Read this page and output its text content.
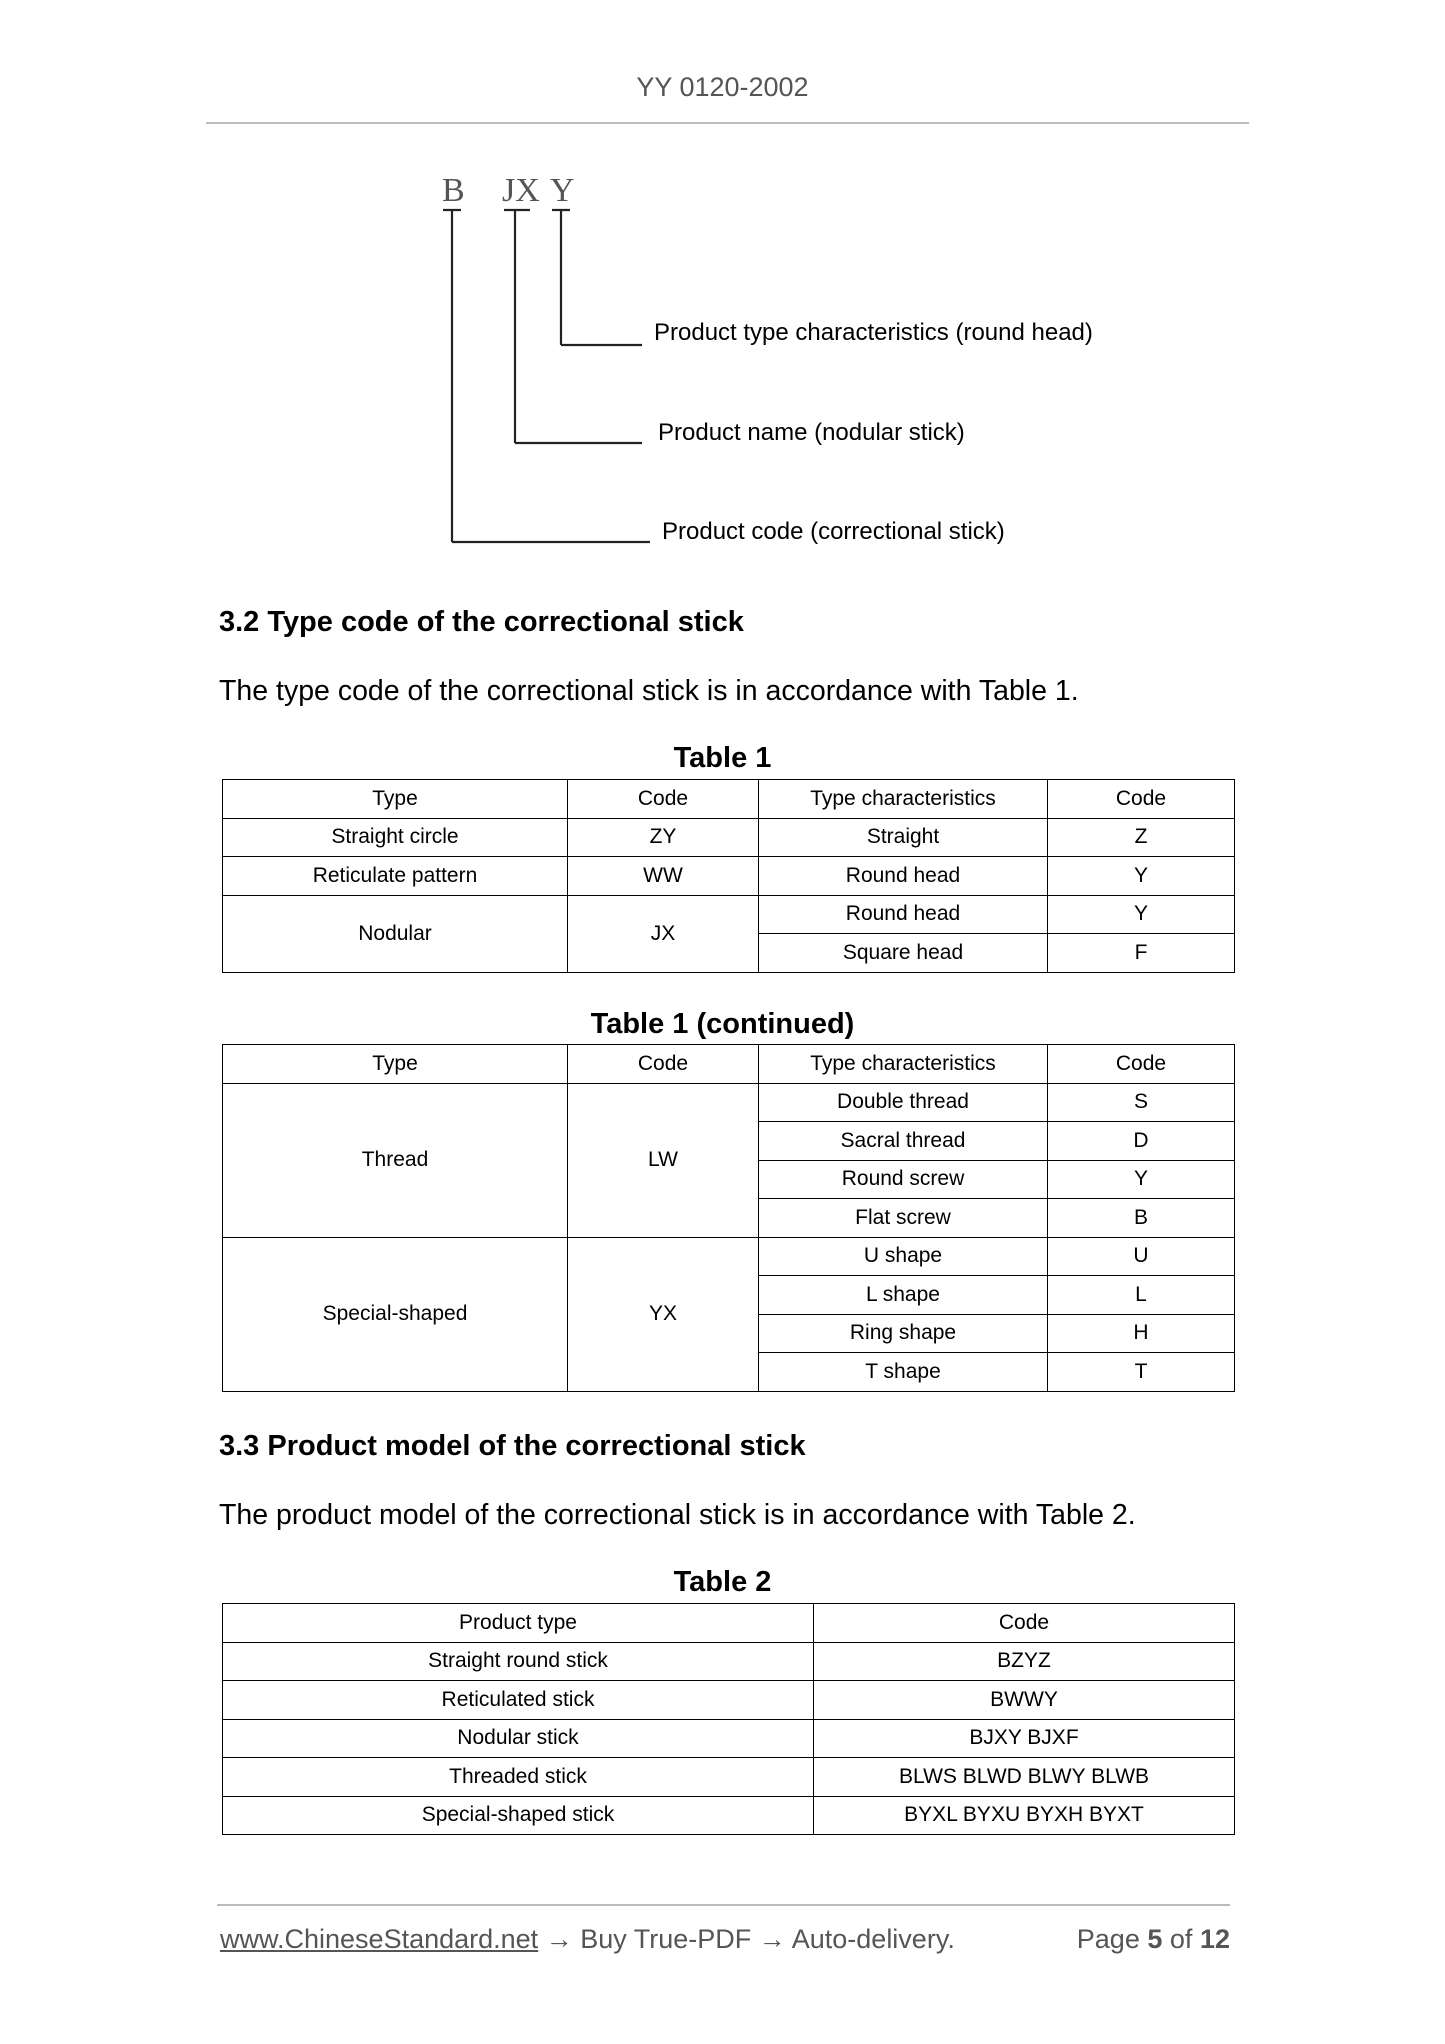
YY 0120-2002
B JX Y
Product type characteristics (round head)
Product name (nodular stick)
Product code (correctional stick)
3.2 Type code of the correctional stick
The type code of the correctional stick is in accordance with Table 1.
Table 1
Type	Code	Type characteristics	Code
Straight circle	ZY	Straight	Z
Reticulate pattern	WW	Round head	Y
Nodular	JX	Round head	Y
		Square head	F
Table 1 (continued)
Type	Code	Type characteristics	Code
Thread	LW	Double thread	S
		Sacral thread	D
		Round screw	Y
		Flat screw	B
Special-shaped	YX	U shape	U
		L shape	L
		Ring shape	H
		T shape	T
3.3 Product model of the correctional stick
The product model of the correctional stick is in accordance with Table 2.
Table 2
Product type	Code
Straight round stick	BZYZ
Reticulated stick	BWWY
Nodular stick	BJXY BJXF
Threaded stick	BLWS BLWD BLWY BLWB
Special-shaped stick	BYXL BYXU BYXH BYXT
www.ChineseStandard.net → Buy True-PDF → Auto-delivery.	Page 5 of 12
